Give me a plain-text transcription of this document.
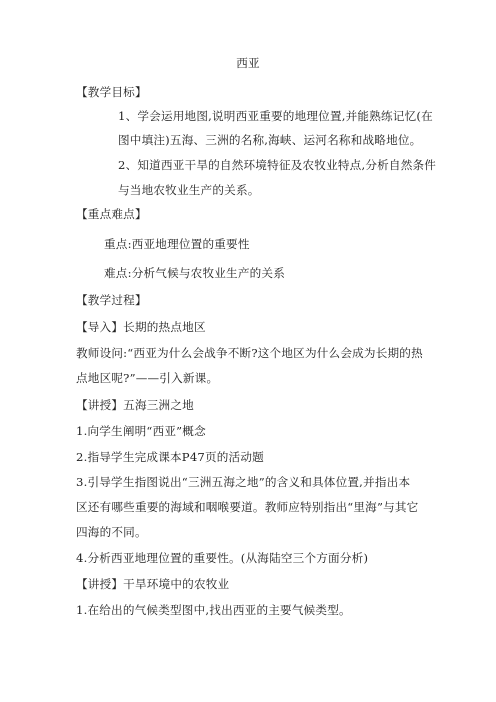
西亚
【教学目标】
1、学会运用地图,说明西亚重要的地理位置,并能熟练记忆(在
图中填注)五海、三洲的名称,海峡、运河名称和战略地位。
2、知道西亚干旱的自然环境特征及农牧业特点,分析自然条件
与当地农牧业生产的关系。
【重点难点】
重点:西亚地理位置的重要性
难点:分析气候与农牧业生产的关系
【教学过程】
【导入】长期的热点地区
教师设问:“西亚为什么会战争不断?这个地区为什么会成为长期的热
点地区呢?”——引入新课。
【讲授】五海三洲之地
1.向学生阐明“西亚”概念
2.指导学生完成课本P47页的活动题
3.引导学生指图说出“三洲五海之地”的含义和具体位置,并指出本
区还有哪些重要的海域和咽喉要道。教师应特别指出“里海”与其它
四海的不同。
4.分析西亚地理位置的重要性。(从海陆空三个方面分析)
【讲授】干旱环境中的农牧业
1.在给出的气候类型图中,找出西亚的主要气候类型。
